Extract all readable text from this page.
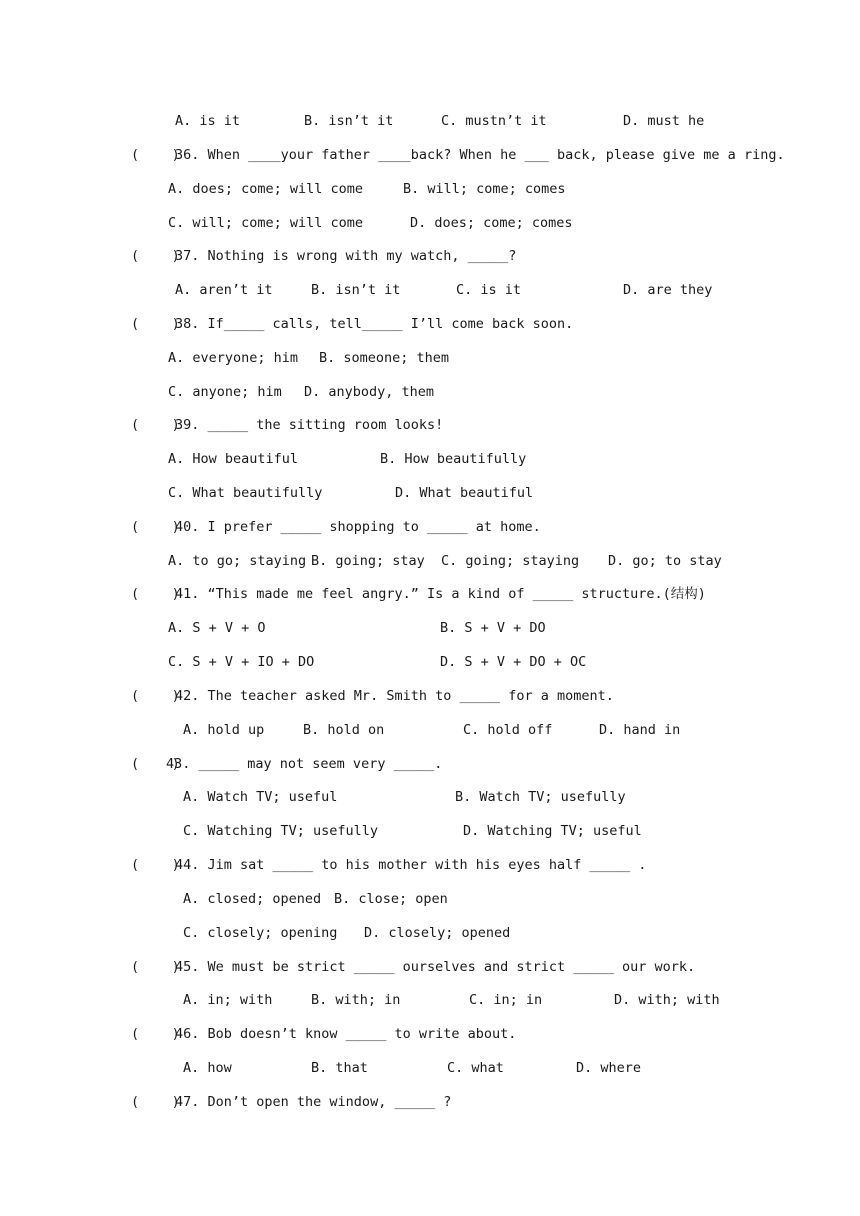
A. is it	B. isn’t it	C. mustn’t it	D. must he
(    )
36. When ____your father ____back? When he ___ back, please give me a ring.
A. does; come; will come	B. will; come; comes
C. will; come; will come	D. does; come; comes
(    )
37. Nothing is wrong with my watch, _____?
A. aren’t it	B. isn’t it	C. is it	D. are they
(    )
38. If_____ calls, tell_____ I’ll come back soon.
A. everyone; him B. someone; them
C. anyone; him D. anybody, them
(    )
39. _____ the sitting room looks!
A. How beautiful	B. How beautifully
C. What beautifully	D. What beautiful
(    )
40. I prefer _____ shopping to _____ at home.
A. to go; staying B. going; stay C. going; staying D. go; to stay
(    )
41. “This made me feel angry.” Is a kind of _____ structure.(结构)
A. S + V + O	B. S + V + DO
C. S + V + IO + DO	D. S + V + DO + OC
(    )
42. The teacher asked Mr. Smith to _____ for a moment.
A. hold up	B. hold on	C. hold off	D. hand in
(    )
43. _____ may not seem very _____.
A. Watch TV; useful	B. Watch TV; usefully
C. Watching TV; usefully	D. Watching TV; useful
(    )
44. Jim sat _____ to his mother with his eyes half _____ .
A. closed; opened B. close; open
C. closely; opening D. closely; opened
(    )
45. We must be strict _____ ourselves and strict _____ our work.
A. in; with	B. with; in	C. in; in	D. with; with
(    )
46. Bob doesn’t know _____ to write about.
A. how	B. that	C. what	D. where
(    )
47. Don’t open the window, _____ ?
